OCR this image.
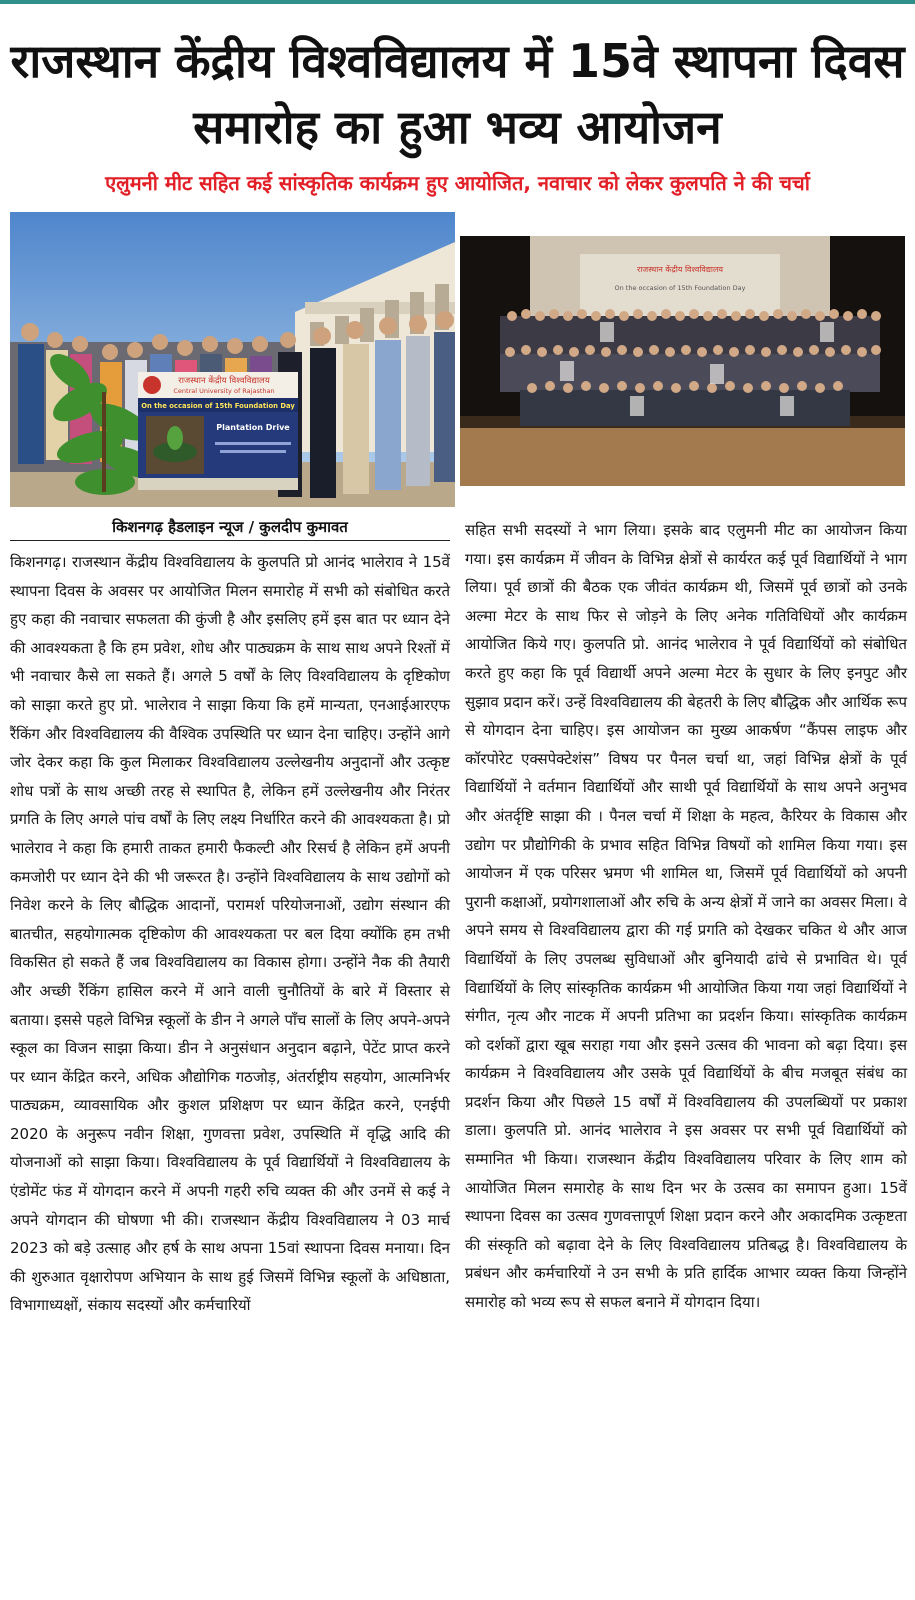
राजस्थान केंद्रीय विश्वविद्यालय में 15वे स्थापना दिवस समारोह का हुआ भव्य आयोजन
एलुमनी मीट सहित कई सांस्कृतिक कार्यक्रम हुए आयोजित, नवाचार को लेकर कुलपति ने की चर्चा
राजस्थान केंद्रीय विश्वविद्यालय
Central University of Rajasthan
On the occasion of 15th Foundation Day
Plantation Drive
राजस्थान केंद्रीय विश्वविद्यालय
On the occasion of 15th Foundation Day
किशनगढ़ हैडलाइन न्यूज / कुलदीप कुमावत
किशनगढ़। राजस्थान केंद्रीय विश्वविद्यालय के कुलपति प्रो आनंद भालेराव ने 15वें स्थापना दिवस के अवसर पर आयोजित मिलन समारोह में सभी को संबोधित करते हुए कहा की नवाचार सफलता की कुंजी है और इसलिए हमें इस बात पर ध्यान देने की आवश्यकता है कि हम प्रवेश, शोध और पाठ्यक्रम के साथ साथ अपने रिश्तों में भी नवाचार कैसे ला सकते हैं। अगले 5 वर्षों के लिए विश्वविद्यालय के दृष्टिकोण को साझा करते हुए प्रो. भालेराव ने साझा किया कि हमें मान्यता, एनआईआरएफ रैंकिंग और विश्वविद्यालय की वैश्विक उपस्थिति पर ध्यान देना चाहिए। उन्होंने आगे जोर देकर कहा कि कुल मिलाकर विश्वविद्यालय उल्लेखनीय अनुदानों और उत्कृष्ट शोध पत्रों के साथ अच्छी तरह से स्थापित है, लेकिन हमें उल्लेखनीय और निरंतर प्रगति के लिए अगले पांच वर्षों के लिए लक्ष्य निर्धारित करने की आवश्यकता है। प्रो भालेराव ने कहा कि हमारी ताकत हमारी फैकल्टी और रिसर्च है लेकिन हमें अपनी कमजोरी पर ध्यान देने की भी जरूरत है। उन्होंने विश्वविद्यालय के साथ उद्योगों को निवेश करने के लिए बौद्धिक आदानों, परामर्श परियोजनाओं, उद्योग संस्थान की बातचीत, सहयोगात्मक दृष्टिकोण की आवश्यकता पर बल दिया क्योंकि हम तभी विकसित हो सकते हैं जब विश्वविद्यालय का विकास होगा। उन्होंने नैक की तैयारी और अच्छी रैंकिंग हासिल करने में आने वाली चुनौतियों के बारे में विस्तार से बताया। इससे पहले विभिन्न स्कूलों के डीन ने अगले पाँच सालों के लिए अपने-अपने स्कूल का विजन साझा किया। डीन ने अनुसंधान अनुदान बढ़ाने, पेटेंट प्राप्त करने पर ध्यान केंद्रित करने, अधिक औद्योगिक गठजोड़, अंतर्राष्ट्रीय सहयोग, आत्मनिर्भर पाठ्यक्रम, व्यावसायिक और कुशल प्रशिक्षण पर ध्यान केंद्रित करने, एनईपी 2020 के अनुरूप नवीन शिक्षा, गुणवत्ता प्रवेश, उपस्थिति में वृद्धि आदि की योजनाओं को साझा किया। विश्वविद्यालय के पूर्व विद्यार्थियों ने विश्वविद्यालय के एंडोमेंट फंड में योगदान करने में अपनी गहरी रुचि व्यक्त की और उनमें से कई ने अपने योगदान की घोषणा भी की। राजस्थान केंद्रीय विश्वविद्यालय ने 03 मार्च 2023 को बड़े उत्साह और हर्ष के साथ अपना 15वां स्थापना दिवस मनाया। दिन की शुरुआत वृक्षारोपण अभियान के साथ हुई जिसमें विभिन्न स्कूलों के अधिष्ठाता, विभागाध्यक्षों, संकाय सदस्यों और कर्मचारियों
सहित सभी सदस्यों ने भाग लिया। इसके बाद एलुमनी मीट का आयोजन किया गया। इस कार्यक्रम में जीवन के विभिन्न क्षेत्रों से कार्यरत कई पूर्व विद्यार्थियों ने भाग लिया। पूर्व छात्रों की बैठक एक जीवंत कार्यक्रम थी, जिसमें पूर्व छात्रों को उनके अल्मा मेटर के साथ फिर से जोड़ने के लिए अनेक गतिविधियों और कार्यक्रम आयोजित किये गए। कुलपति प्रो. आनंद भालेराव ने पूर्व विद्यार्थियों को संबोधित करते हुए कहा कि पूर्व विद्यार्थी अपने अल्मा मेटर के सुधार के लिए इनपुट और सुझाव प्रदान करें। उन्हें विश्वविद्यालय की बेहतरी के लिए बौद्धिक और आर्थिक रूप से योगदान देना चाहिए। इस आयोजन का मुख्य आकर्षण “कैंपस लाइफ और कॉरपोरेट एक्सपेक्टेशंस” विषय पर पैनल चर्चा था, जहां विभिन्न क्षेत्रों के पूर्व विद्यार्थियों ने वर्तमान विद्यार्थियों और साथी पूर्व विद्यार्थियों के साथ अपने अनुभव और अंतर्दृष्टि साझा की । पैनल चर्चा में शिक्षा के महत्व, कैरियर के विकास और उद्योग पर प्रौद्योगिकी के प्रभाव सहित विभिन्न विषयों को शामिल किया गया। इस आयोजन में एक परिसर भ्रमण भी शामिल था, जिसमें पूर्व विद्यार्थियों को अपनी पुरानी कक्षाओं, प्रयोगशालाओं और रुचि के अन्य क्षेत्रों में जाने का अवसर मिला। वे अपने समय से विश्वविद्यालय द्वारा की गई प्रगति को देखकर चकित थे और आज विद्यार्थियों के लिए उपलब्ध सुविधाओं और बुनियादी ढांचे से प्रभावित थे। पूर्व विद्यार्थियों के लिए सांस्कृतिक कार्यक्रम भी आयोजित किया गया जहां विद्यार्थियों ने संगीत, नृत्य और नाटक में अपनी प्रतिभा का प्रदर्शन किया। सांस्कृतिक कार्यक्रम को दर्शकों द्वारा खूब सराहा गया और इसने उत्सव की भावना को बढ़ा दिया। इस कार्यक्रम ने विश्वविद्यालय और उसके पूर्व विद्यार्थियों के बीच मजबूत संबंध का प्रदर्शन किया और पिछले 15 वर्षों में विश्वविद्यालय की उपलब्धियों पर प्रकाश डाला। कुलपति प्रो. आनंद भालेराव ने इस अवसर पर सभी पूर्व विद्यार्थियों को सम्मानित भी किया। राजस्थान केंद्रीय विश्वविद्यालय परिवार के लिए शाम को आयोजित मिलन समारोह के साथ दिन भर के उत्सव का समापन हुआ। 15वें स्थापना दिवस का उत्सव गुणवत्तापूर्ण शिक्षा प्रदान करने और अकादमिक उत्कृष्टता की संस्कृति को बढ़ावा देने के लिए विश्वविद्यालय प्रतिबद्ध है। विश्वविद्यालय के प्रबंधन और कर्मचारियों ने उन सभी के प्रति हार्दिक आभार व्यक्त किया जिन्होंने समारोह को भव्य रूप से सफल बनाने में योगदान दिया।
